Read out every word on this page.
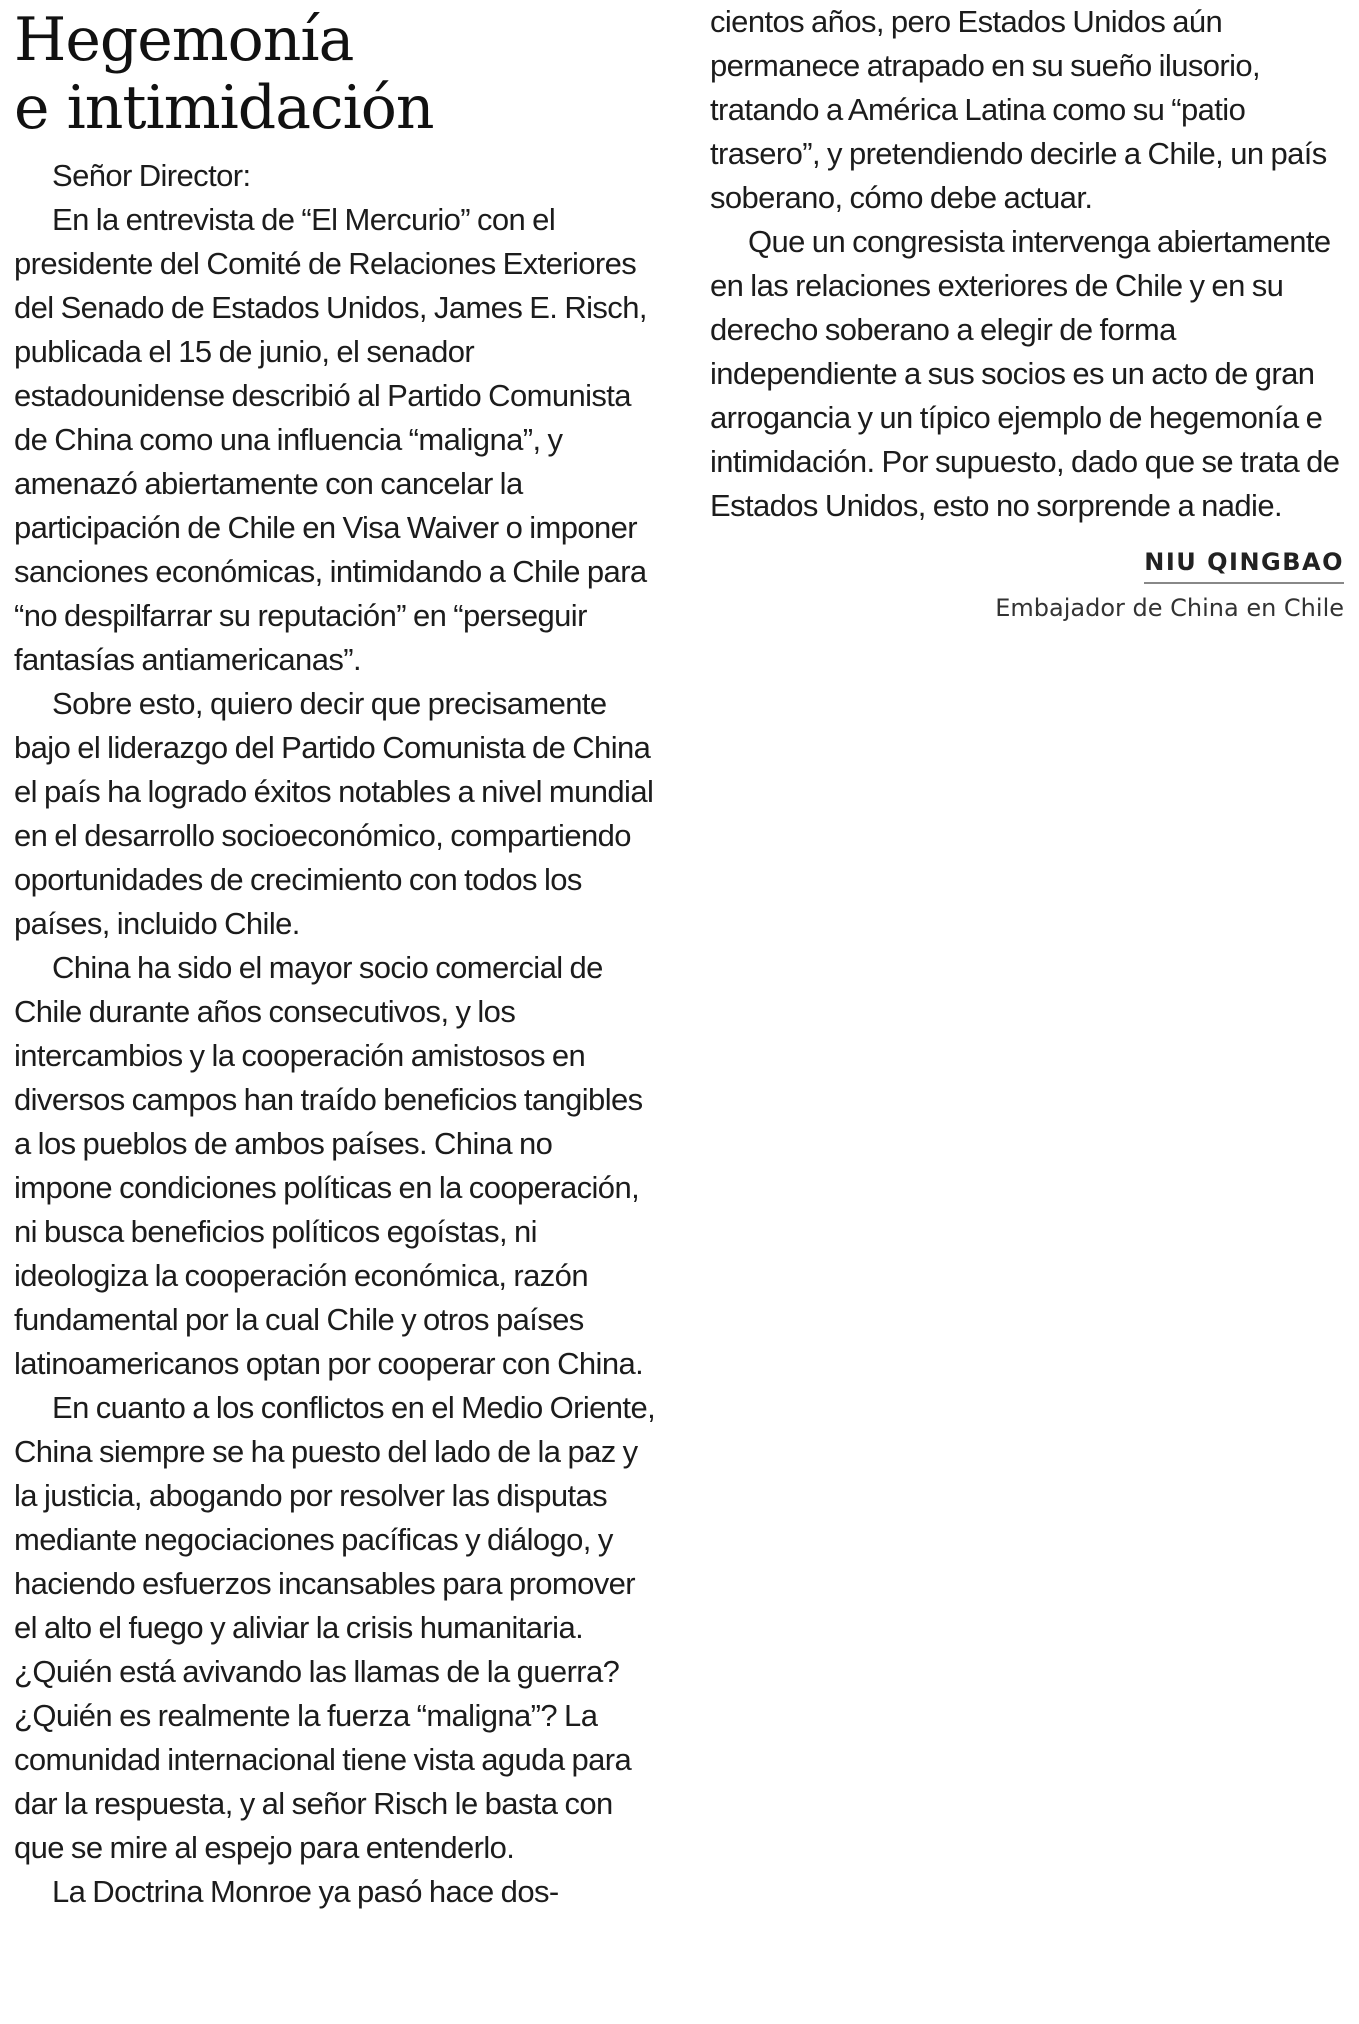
Hegemonía
e intimidación

Señor Director:

En la entrevista de “El Mercurio” con el presidente del Comité de Relaciones Exteriores del Senado de Estados Unidos, James E. Risch, publicada el 15 de junio, el senador estadounidense describió al Partido Comunista de China como una influencia “maligna”, y amenazó abiertamente con cancelar la participación de Chile en Visa Waiver o imponer sanciones económicas, intimidando a Chile para “no despilfarrar su reputación” en “perseguir fantasías antiamericanas”.

Sobre esto, quiero decir que precisamente bajo el liderazgo del Partido Comunista de China el país ha logrado éxitos notables a nivel mundial en el desarrollo socioeconómico, compartiendo oportunidades de crecimiento con todos los países, incluido Chile.

China ha sido el mayor socio comercial de Chile durante años consecutivos, y los intercambios y la cooperación amistosos en diversos campos han traído beneficios tangibles a los pueblos de ambos países. China no impone condiciones políticas en la cooperación, ni busca beneficios políticos egoístas, ni ideologiza la cooperación económica, razón fundamental por la cual Chile y otros países latinoamericanos optan por cooperar con China.

En cuanto a los conflictos en el Medio Oriente, China siempre se ha puesto del lado de la paz y la justicia, abogando por resolver las disputas mediante negociaciones pacíficas y diálogo, y haciendo esfuerzos incansables para promover el alto el fuego y aliviar la crisis humanitaria. ¿Quién está avivando las llamas de la guerra? ¿Quién es realmente la fuerza “maligna”? La comunidad internacional tiene vista aguda para dar la respuesta, y al señor Risch le basta con que se mire al espejo para entenderlo.

La Doctrina Monroe ya pasó hace dos-

cientos años, pero Estados Unidos aún permanece atrapado en su sueño ilusorio, tratando a América Latina como su “patio trasero”, y pretendiendo decirle a Chile, un país soberano, cómo debe actuar.

Que un congresista intervenga abiertamente en las relaciones exteriores de Chile y en su derecho soberano a elegir de forma independiente a sus socios es un acto de gran arrogancia y un típico ejemplo de hegemonía e intimidación. Por supuesto, dado que se trata de Estados Unidos, esto no sorprende a nadie.

NIU QINGBAO
Embajador de China en Chile
